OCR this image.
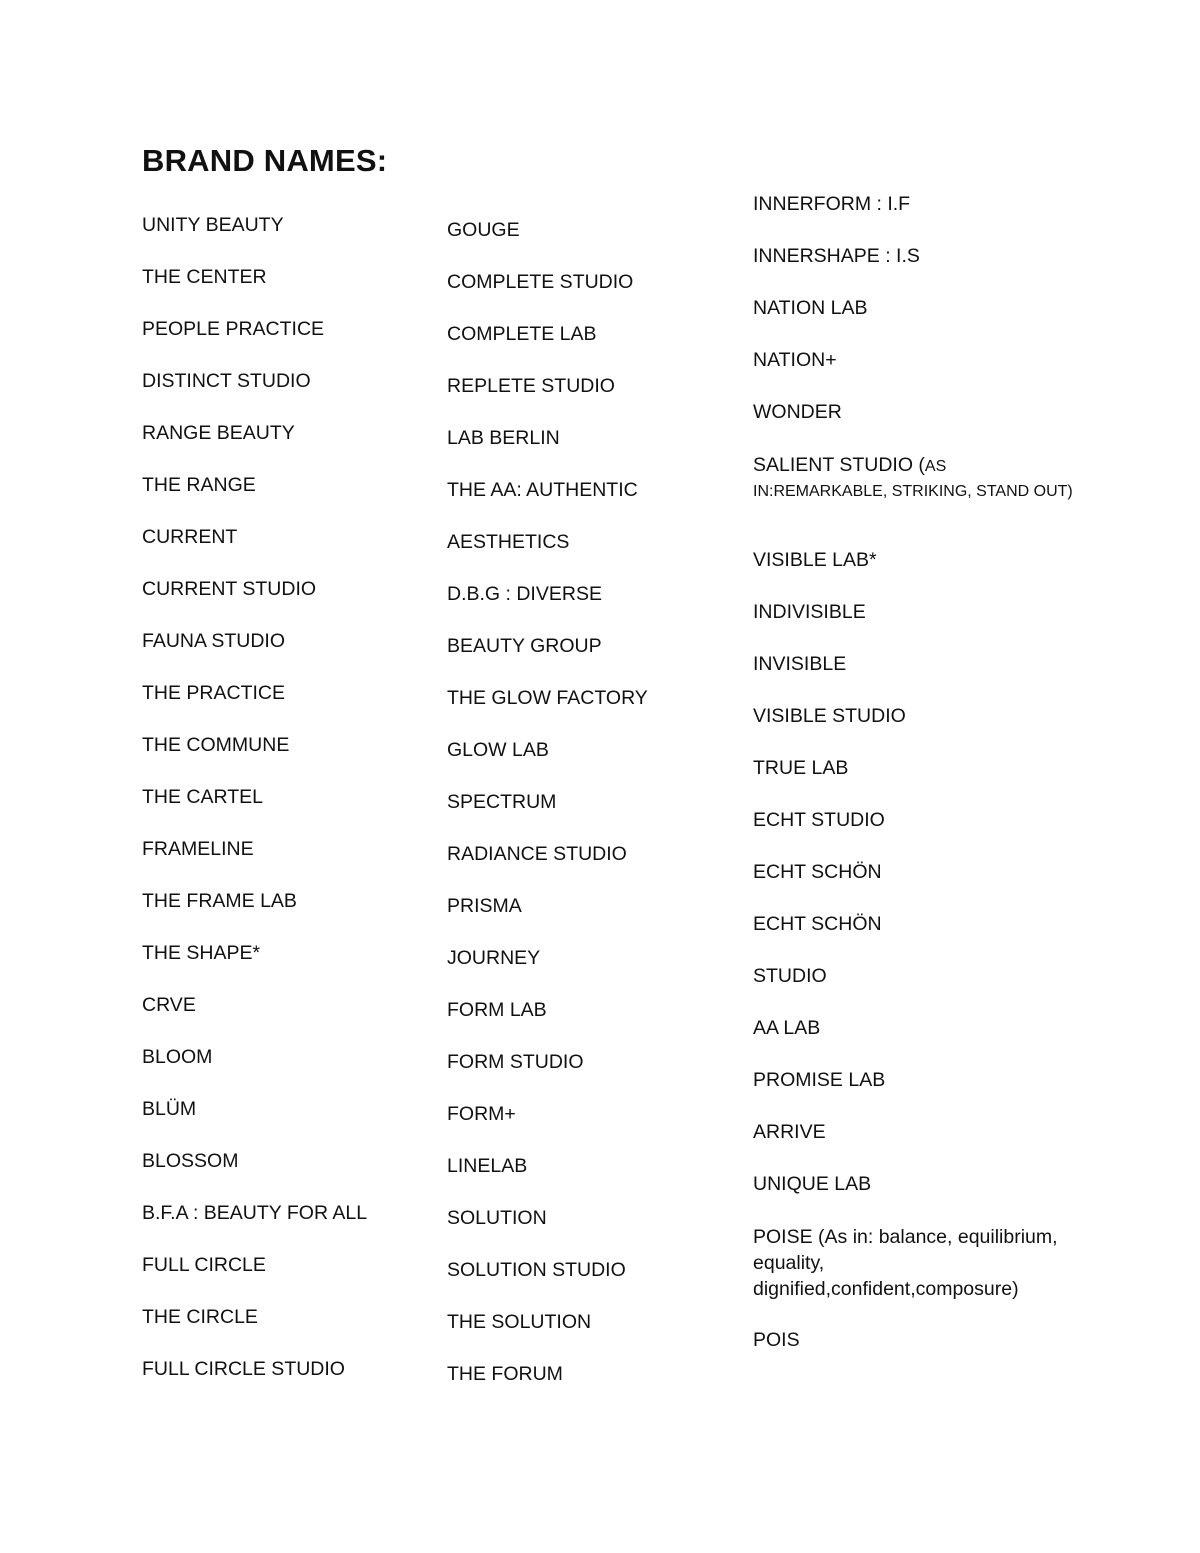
BRAND NAMES:
UNITY BEAUTY
THE CENTER
PEOPLE PRACTICE
DISTINCT STUDIO
RANGE BEAUTY
THE RANGE
CURRENT
CURRENT STUDIO
FAUNA STUDIO
THE PRACTICE
THE COMMUNE
THE CARTEL
FRAMELINE
THE FRAME LAB
THE SHAPE*
CRVE
BLOOM
BLÜM
BLOSSOM
B.F.A : BEAUTY FOR ALL
FULL CIRCLE
THE CIRCLE
FULL CIRCLE STUDIO
GOUGE
COMPLETE STUDIO
COMPLETE LAB
REPLETE STUDIO
LAB BERLIN
THE AA: AUTHENTIC
AESTHETICS
D.B.G : DIVERSE
BEAUTY GROUP
THE GLOW FACTORY
GLOW LAB
SPECTRUM
RADIANCE STUDIO
PRISMA
JOURNEY
FORM LAB
FORM STUDIO
FORM+
LINELAB
SOLUTION
SOLUTION STUDIO
THE SOLUTION
THE FORUM
INNERFORM : I.F
INNERSHAPE : I.S
NATION LAB
NATION+
WONDER
SALIENT STUDIO (AS IN:REMARKABLE, STRIKING, STAND OUT)
VISIBLE LAB*
INDIVISIBLE
INVISIBLE
VISIBLE STUDIO
TRUE LAB
ECHT STUDIO
ECHT SCHÖN
ECHT SCHÖN
STUDIO
AA LAB
PROMISE LAB
ARRIVE
UNIQUE LAB
POISE (As in: balance, equilibrium, equality, dignified,confident,composure)
POIS
